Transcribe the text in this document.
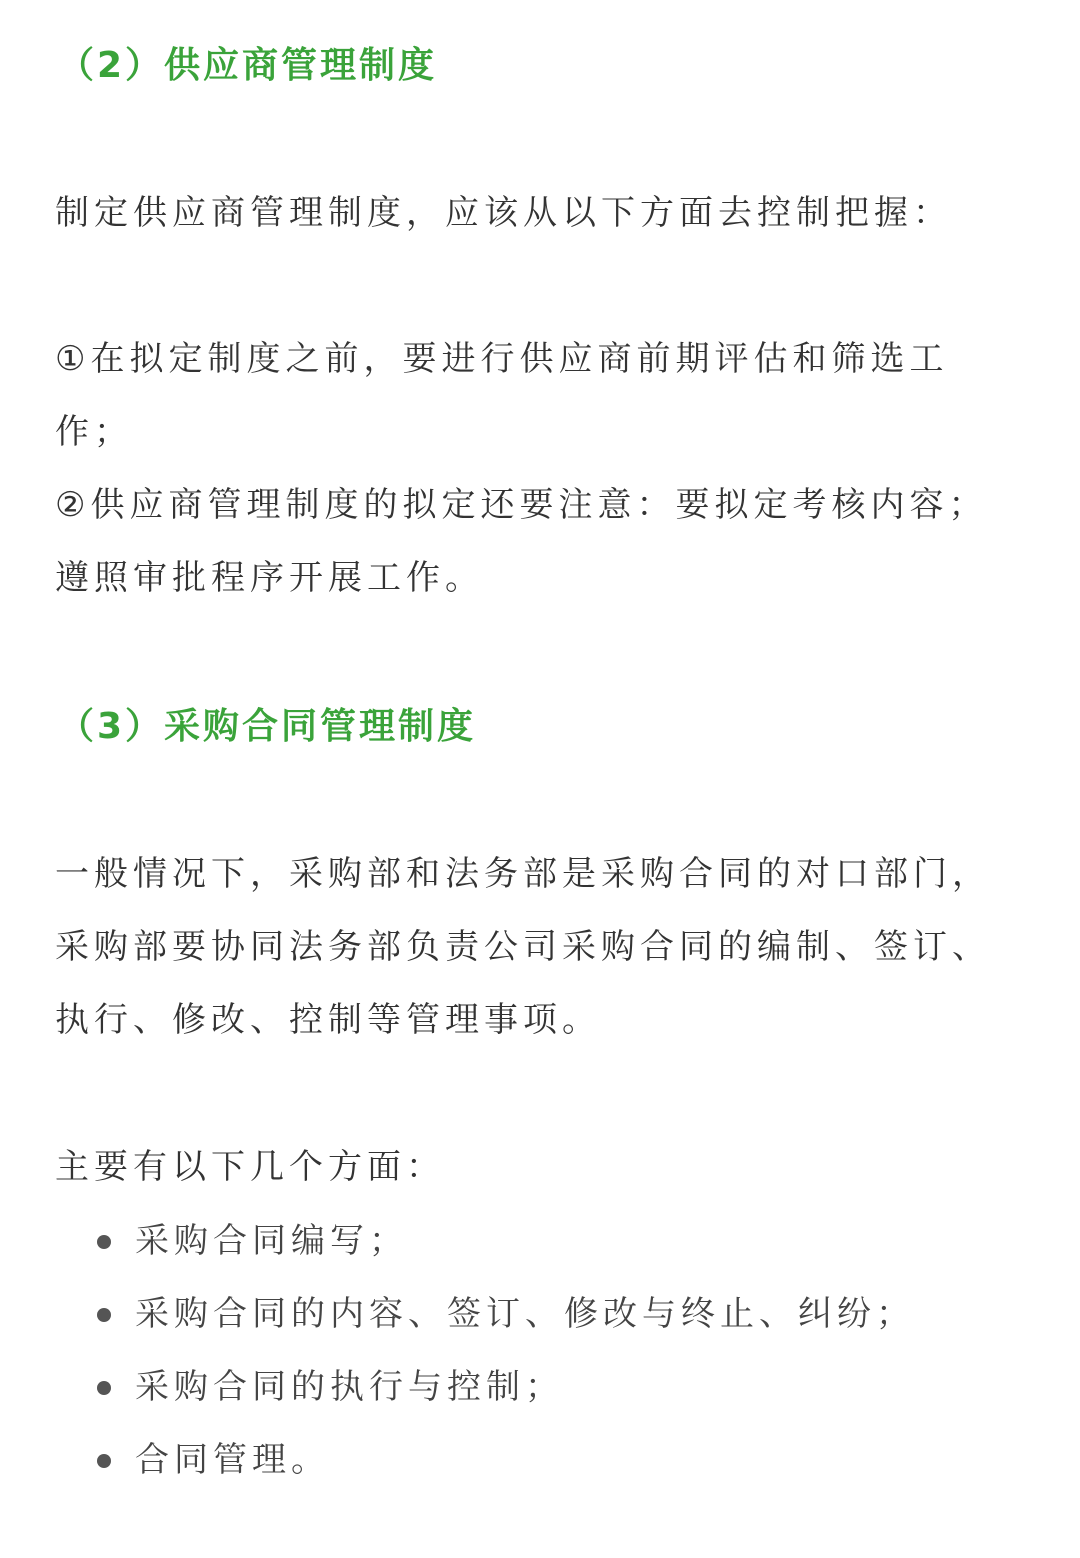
（2）供应商管理制度

制定供应商管理制度，应该从以下方面去控制把握：

①在拟定制度之前，要进行供应商前期评估和筛选工
作；
②供应商管理制度的拟定还要注意：要拟定考核内容；
遵照审批程序开展工作。

（3）采购合同管理制度

一般情况下，采购部和法务部是采购合同的对口部门，
采购部要协同法务部负责公司采购合同的编制、签订、
执行、修改、控制等管理事项。

主要有以下几个方面：

采购合同编写；
采购合同的内容、签订、修改与终止、纠纷；
采购合同的执行与控制；
合同管理。
